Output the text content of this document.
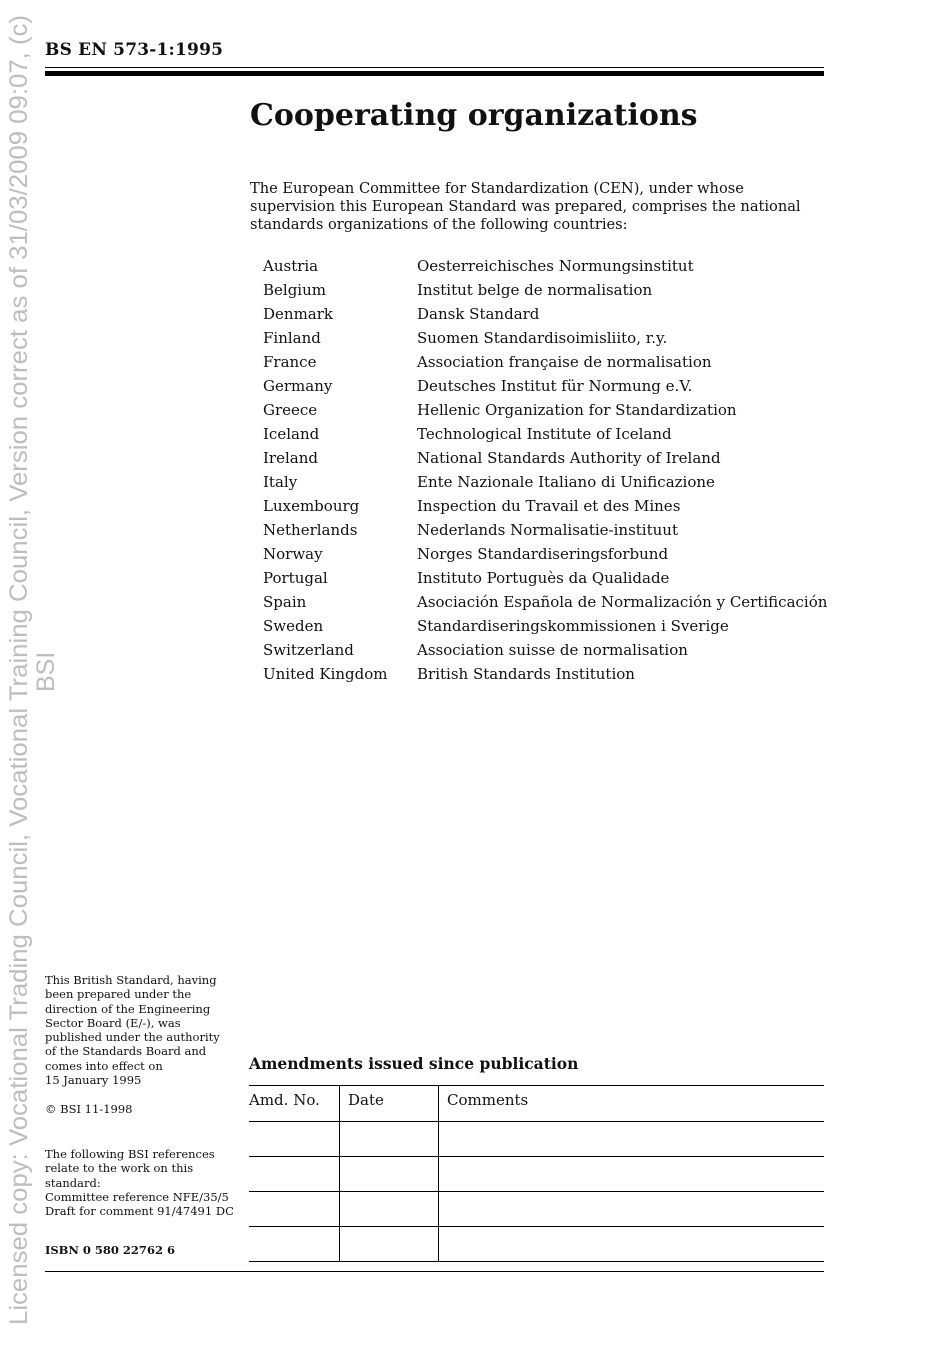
Licensed copy: Vocational Trading Council, Vocational Training Council, Version correct as of 31/03/2009 09:07, (c) BSI
BS EN 573-1:1995
Cooperating organizations

The European Committee for Standardization (CEN), under whose supervision this European Standard was prepared, comprises the national standards organizations of the following countries:

Austria	Oesterreichisches Normungsinstitut
Belgium	Institut belge de normalisation
Denmark	Dansk Standard
Finland	Suomen Standardisoimisliito, r.y.
France	Association française de normalisation
Germany	Deutsches Institut für Normung e.V.
Greece	Hellenic Organization for Standardization
Iceland	Technological Institute of Iceland
Ireland	National Standards Authority of Ireland
Italy	Ente Nazionale Italiano di Unificazione
Luxembourg	Inspection du Travail et des Mines
Netherlands	Nederlands Normalisatie-instituut
Norway	Norges Standardiseringsforbund
Portugal	Instituto Portuguès da Qualidade
Spain	Asociación Española de Normalización y Certificación
Sweden	Standardiseringskommissionen i Sverige
Switzerland	Association suisse de normalisation
United Kingdom	British Standards Institution

This British Standard, having
been prepared under the
direction of the Engineering
Sector Board (E/-), was
published under the authority
of the Standards Board and
comes into effect on
15 January 1995

© BSI 11-1998

The following BSI references
relate to the work on this
standard:
Committee reference NFE/35/5
Draft for comment 91/47491 DC

ISBN 0 580 22762 6
Amendments issued since publication
Amd. No.	Date	Comments
